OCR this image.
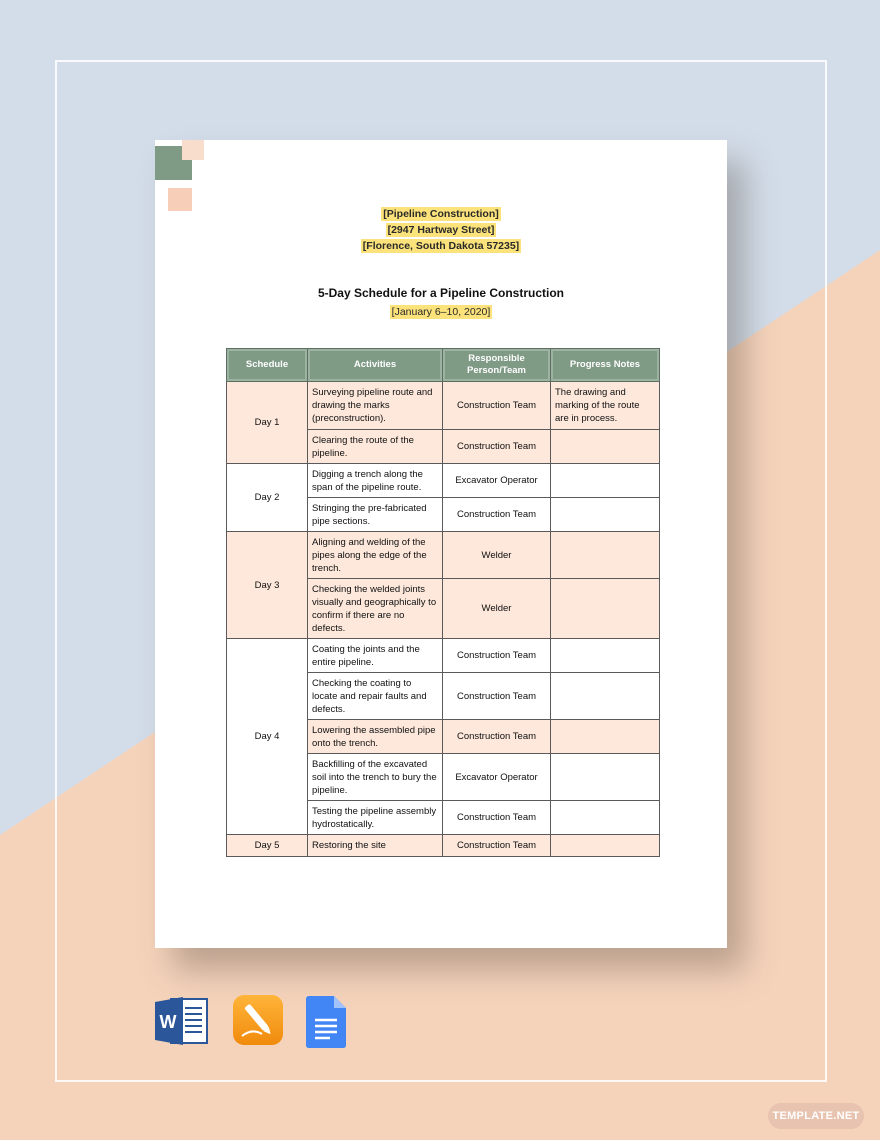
[Pipeline Construction]
[2947 Hartway Street]
[Florence, South Dakota 57235]
5-Day Schedule for a Pipeline Construction
[January 6–10, 2020]
Schedule	Activities	Responsible Person/Team	Progress Notes
Day 1	Surveying pipeline route and drawing the marks (preconstruction).	Construction Team	The drawing and marking of the route are in process.
	Clearing the route of the pipeline.	Construction Team	
Day 2	Digging a trench along the span of the pipeline route.	Excavator Operator	
	Stringing the pre-fabricated pipe sections.	Construction Team	
Day 3	Aligning and welding of the pipes along the edge of the trench.	Welder	
	Checking the welded joints visually and geographically to confirm if there are no defects.	Welder	
Day 4	Coating the joints and the entire pipeline.	Construction Team	
	Checking the coating to locate and repair faults and defects.	Construction Team	
	Lowering the assembled pipe onto the trench.	Construction Team	
	Backfilling of the excavated soil into the trench to bury the pipeline.	Excavator Operator	
	Testing the pipeline assembly hydrostatically.	Construction Team	
Day 5	Restoring the site	Construction Team	
W
TEMPLATE.NET
